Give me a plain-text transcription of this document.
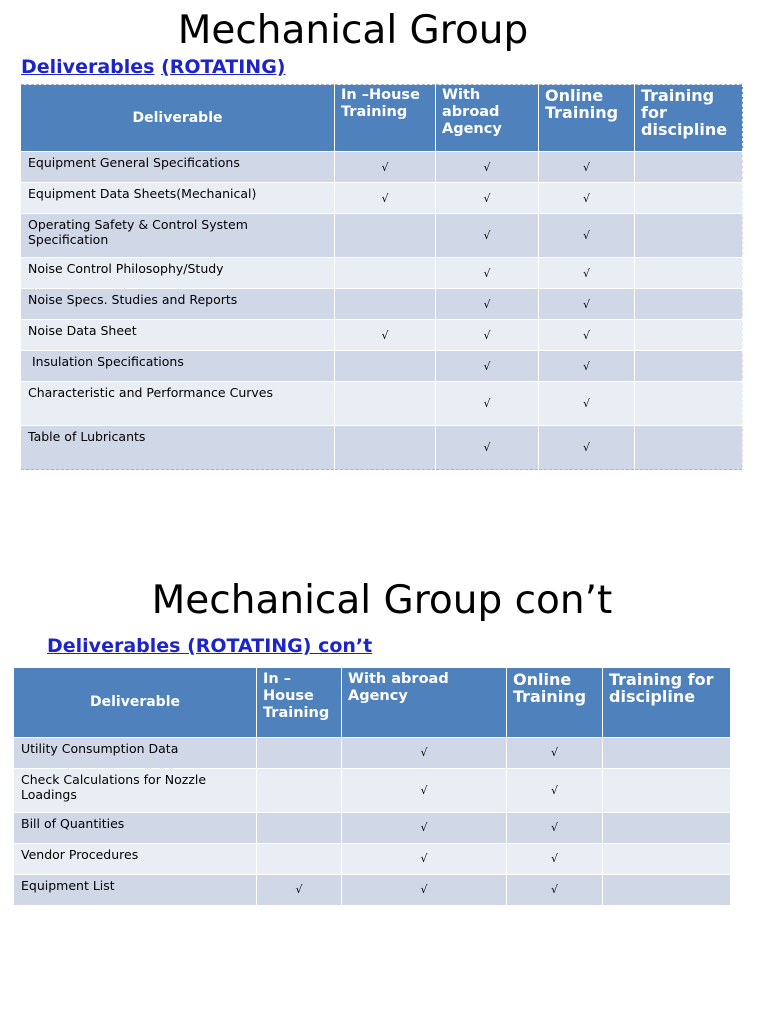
Mechanical Group
Deliverables (ROTATING)
Deliverable	In –House Training	With abroad Agency	Online Training	Training for discipline
Equipment General Specifications	√	√	√	
Equipment Data Sheets(Mechanical)	√	√	√	
Operating Safety & Control System Specification		√	√	
Noise Control Philosophy/Study		√	√	
Noise Specs. Studies and Reports		√	√	
Noise Data Sheet	√	√	√	
Insulation Specifications		√	√	
Characteristic and Performance Curves		√	√	
Table of Lubricants		√	√	
Mechanical Group con’t
Deliverables (ROTATING) con’t
Deliverable	In – House Training	With abroad Agency	Online Training	Training for discipline
Utility Consumption Data		√	√	
Check Calculations for Nozzle Loadings		√	√	
Bill of Quantities		√	√	
Vendor Procedures		√	√	
Equipment List	√	√	√	
